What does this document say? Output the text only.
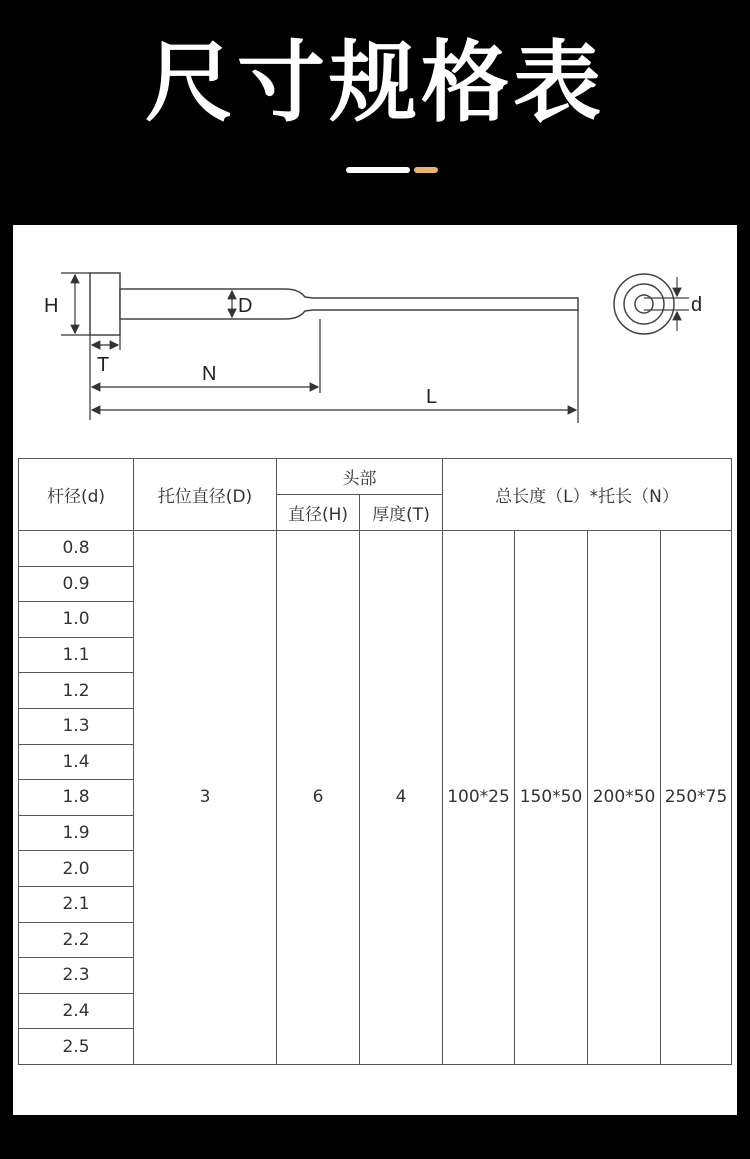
尺寸规格表
H	D
T	N
L
d
杆径(d)	托位直径(D)	头部		总长度（L）*托长（N）			
		直径(H)	厚度(T)				
0.8	3	6	4	100*25	150*50	200*50	250*75
0.9							
1.0							
1.1							
1.2							
1.3							
1.4							
1.8							
1.9							
2.0							
2.1							
2.2							
2.3							
2.4							
2.5							
